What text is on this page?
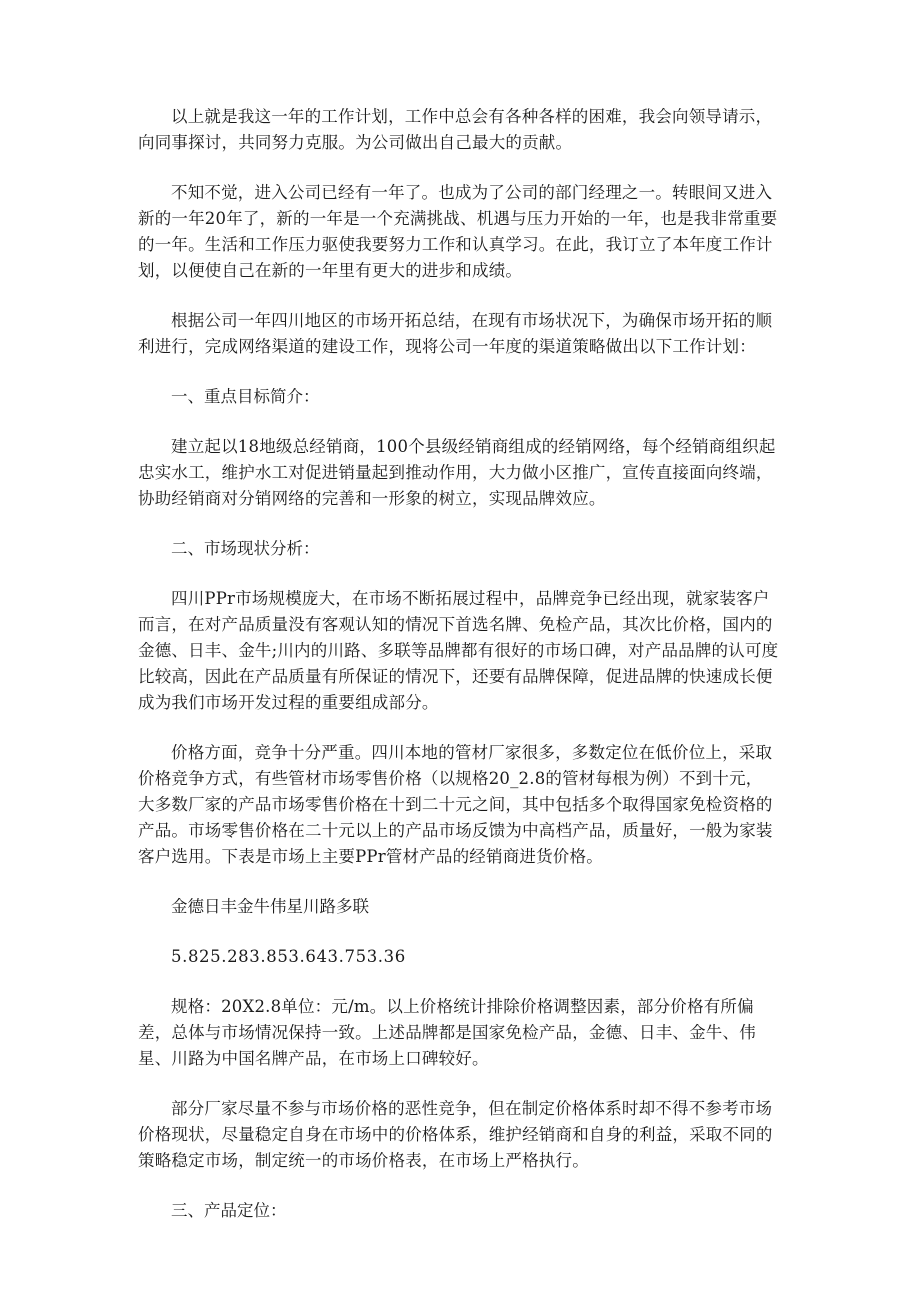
以上就是我这一年的工作计划，工作中总会有各种各样的困难，我会向领导请示，
向同事探讨，共同努力克服。为公司做出自己最大的贡献。

不知不觉，进入公司已经有一年了。也成为了公司的部门经理之一。转眼间又进入
新的一年20年了，新的一年是一个充满挑战、机遇与压力开始的一年，也是我非常重要
的一年。生活和工作压力驱使我要努力工作和认真学习。在此，我订立了本年度工作计
划，以便使自己在新的一年里有更大的进步和成绩。

根据公司一年四川地区的市场开拓总结，在现有市场状况下，为确保市场开拓的顺
利进行，完成网络渠道的建设工作，现将公司一年度的渠道策略做出以下工作计划：

一、重点目标简介：

建立起以18地级总经销商，100个县级经销商组成的经销网络，每个经销商组织起
忠实水工，维护水工对促进销量起到推动作用，大力做小区推广，宣传直接面向终端，
协助经销商对分销网络的完善和一形象的树立，实现品牌效应。

二、市场现状分析：

四川PPr市场规模庞大，在市场不断拓展过程中，品牌竞争已经出现，就家装客户
而言，在对产品质量没有客观认知的情况下首选名牌、免检产品，其次比价格，国内的
金德、日丰、金牛;川内的川路、多联等品牌都有很好的市场口碑，对产品品牌的认可度
比较高，因此在产品质量有所保证的情况下，还要有品牌保障，促进品牌的快速成长便
成为我们市场开发过程的重要组成部分。

价格方面，竞争十分严重。四川本地的管材厂家很多，多数定位在低价位上，采取
价格竞争方式，有些管材市场零售价格（以规格20_2.8的管材每根为例）不到十元，
大多数厂家的产品市场零售价格在十到二十元之间，其中包括多个取得国家免检资格的
产品。市场零售价格在二十元以上的产品市场反馈为中高档产品，质量好，一般为家装
客户选用。下表是市场上主要PPr管材产品的经销商进货价格。

金德日丰金牛伟星川路多联

5.825.283.853.643.753.36

规格：20X2.8单位：元/m。以上价格统计排除价格调整因素，部分价格有所偏
差，总体与市场情况保持一致。上述品牌都是国家免检产品，金德、日丰、金牛、伟
星、川路为中国名牌产品，在市场上口碑较好。

部分厂家尽量不参与市场价格的恶性竞争，但在制定价格体系时却不得不参考市场
价格现状，尽量稳定自身在市场中的价格体系，维护经销商和自身的利益，采取不同的
策略稳定市场，制定统一的市场价格表，在市场上严格执行。

三、产品定位：
